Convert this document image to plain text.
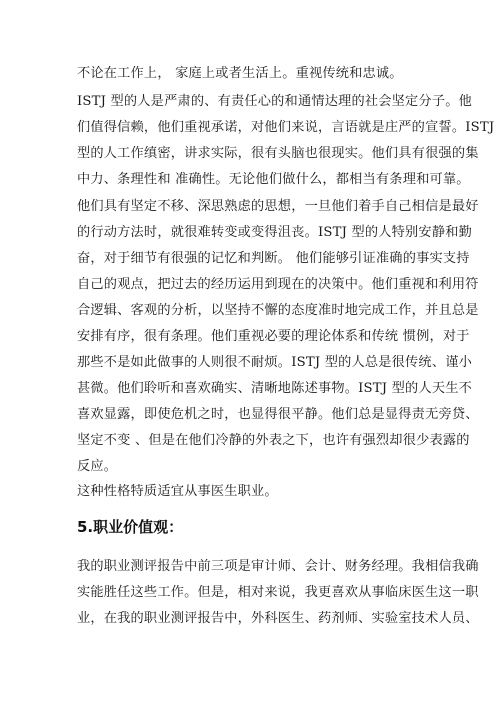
不论在工作上， 家庭上或者生活上。重视传统和忠诚。
ISTJ 型的人是严肃的、有责任心的和通情达理的社会坚定分子。他
们值得信赖，他们重视承诺，对他们来说，言语就是庄严的宣誓。ISTJ
型的人工作缜密，讲求实际，很有头脑也很现实。他们具有很强的集
中力、条理性和 准确性。无论他们做什么，都相当有条理和可靠。
他们具有坚定不移、深思熟虑的思想，一旦他们着手自己相信是最好
的行动方法时，就很难转变或变得沮丧。ISTJ 型的人特别安静和勤
奋，对于细节有很强的记忆和判断。 他们能够引证准确的事实支持
自己的观点，把过去的经历运用到现在的决策中。他们重视和利用符
合逻辑、客观的分析，以坚持不懈的态度准时地完成工作，并且总是
安排有序，很有条理。他们重视必要的理论体系和传统 惯例，对于
那些不是如此做事的人则很不耐烦。ISTJ 型的人总是很传统、谨小
甚微。他们聆听和喜欢确实、清晰地陈述事物。ISTJ 型的人天生不
喜欢显露，即使危机之时，也显得很平静。他们总是显得责无旁贷、
坚定不变 、但是在他们冷静的外表之下，也许有强烈却很少表露的
反应。
这种性格特质适宜从事医生职业。
5.职业价值观：
我的职业测评报告中前三项是审计师、会计、财务经理。我相信我确
实能胜任这些工作。但是，相对来说，我更喜欢从事临床医生这一职
业，在我的职业测评报告中，外科医生、药剂师、实验室技术人员、
